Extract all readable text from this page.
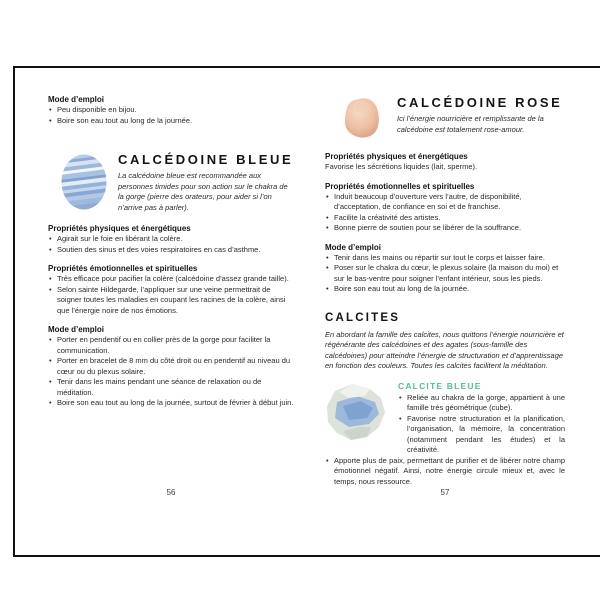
Mode d’emploi
• Peu disponible en bijou.
• Boire son eau tout au long de la journée.
CALCÉDOINE BLEUE

La calcédoine bleue est recommandée aux personnes timides pour son action sur le chakra de la gorge (pierre des orateurs, pour aider si l’on n’arrive pas à parler).

Propriétés physiques et énergétiques
• Agirait sur le foie en libérant la colère.
• Soutien des sinus et des voies respiratoires en cas d’asthme.
Propriétés émotionnelles et spirituelles
• Très efficace pour pacifier la colère (calcédoine d’assez grande taille).
• Selon sainte Hildegarde, l’appliquer sur une veine permettrait de soigner toutes les maladies en coupant les racines de la colère, ainsi que l’énergie noire de nos émotions.
Mode d’emploi
• Porter en pendentif ou en collier près de la gorge pour faciliter la communication.
• Porter en bracelet de 8 mm du côté droit ou en pendentif au niveau du cœur ou du plexus solaire.
• Tenir dans les mains pendant une séance de relaxation ou de méditation.
• Boire son eau tout au long de la journée, surtout de février à début juin.
56
CALCÉDOINE ROSE

Ici l’énergie nourricière et remplissante de la calcédoine est totalement rose-amour.

Propriétés physiques et énergétiques

Favorise les sécrétions liquides (lait, sperme).

Propriétés émotionnelles et spirituelles
• Induit beaucoup d’ouverture vers l’autre, de disponibilité, d’acceptation, de confiance en soi et de franchise.
• Facilite la créativité des artistes.
• Bonne pierre de soutien pour se libérer de la souffrance.
Mode d’emploi
• Tenir dans les mains ou répartir sur tout le corps et laisser faire.
• Poser sur le chakra du cœur, le plexus solaire (la maison du moi) et sur le bas-ventre pour soigner l’enfant intérieur, sous les pieds.
• Boire son eau tout au long de la journée.
CALCITES

En abordant la famille des calcites, nous quittons l’énergie nourricière et régénérante des calcédoines et des agates (sous-famille des calcédoines) pour atteindre l’énergie de structuration et d’apprentissage en fonction des couleurs. Toutes les calcites facilitent la méditation.

CALCITE BLEUE
• Reliée au chakra de la gorge, appartient à une famille très géométrique (cube).
• Favorise notre structuration et la planification, l’organisation, la mémoire, la concentration (notamment pendant les études) et la créativité.
• Apporte plus de paix, permettant de purifier et de libérer notre champ émotionnel négatif. Ainsi, notre énergie circule mieux et, avec le temps, nous ressource.
57
